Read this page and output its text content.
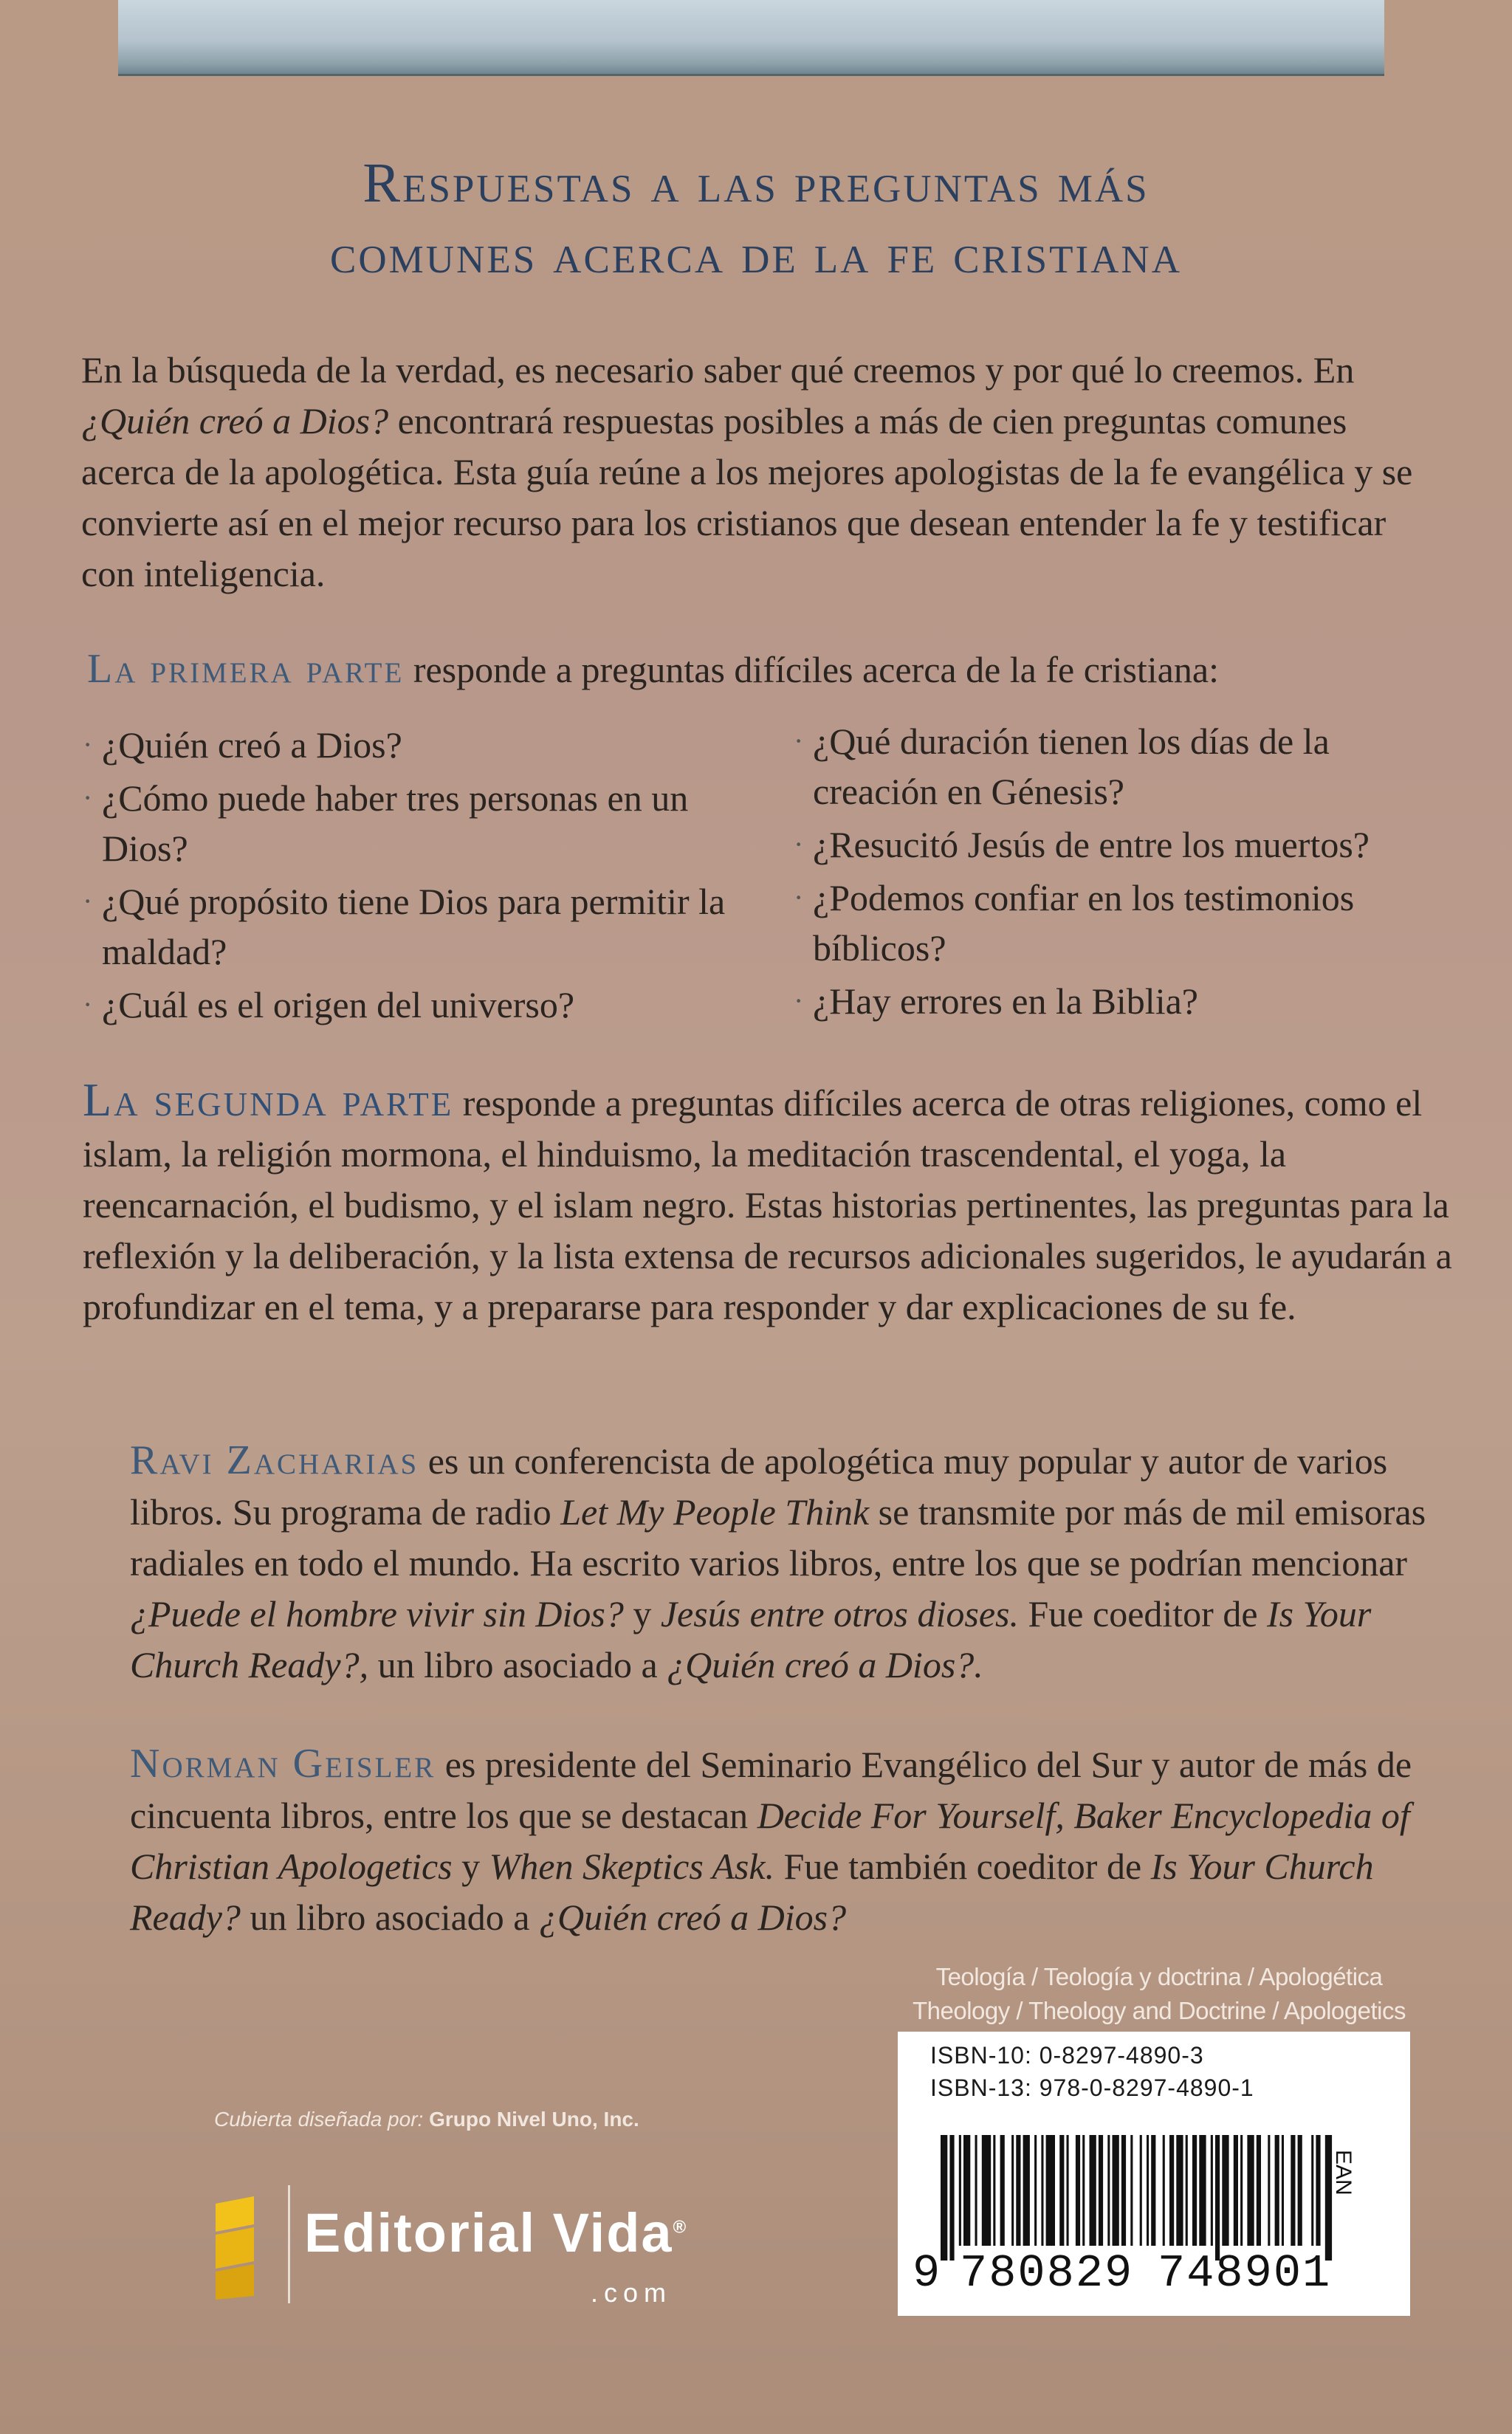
Respuestas a las preguntas más
comunes acerca de la fe cristiana

En la búsqueda de la verdad, es necesario saber qué creemos y por qué lo creemos. En ¿Quién creó a Dios? encontrará respuestas posibles a más de cien preguntas comunes acerca de la apologética. Esta guía reúne a los mejores apologistas de la fe evangélica y se convierte así en el mejor recurso para los cristianos que desean entender la fe y testificar con inteligencia.

La primera parte responde a preguntas difíciles acerca de la fe cristiana:

· ¿Quién creó a Dios?
· ¿Cómo puede haber tres personas en un Dios?
· ¿Qué propósito tiene Dios para permitir la maldad?
· ¿Cuál es el origen del universo?
· ¿Qué duración tienen los días de la creación en Génesis?
· ¿Resucitó Jesús de entre los muertos?
· ¿Podemos confiar en los testimonios bíblicos?
· ¿Hay errores en la Biblia?

La segunda parte responde a preguntas difíciles acerca de otras religiones, como el islam, la religión mormona, el hinduismo, la meditación trascendental, el yoga, la reencarnación, el budismo, y el islam negro. Estas historias pertinentes, las preguntas para la reflexión y la deliberación, y la lista extensa de recursos adicionales sugeridos, le ayudarán a profundizar en el tema, y a prepararse para responder y dar explicaciones de su fe.

Ravi Zacharias es un conferencista de apologética muy popular y autor de varios libros. Su programa de radio Let My People Think se transmite por más de mil emisoras radiales en todo el mundo. Ha escrito varios libros, entre los que se podrían mencionar ¿Puede el hombre vivir sin Dios? y Jesús entre otros dioses. Fue coeditor de Is Your Church Ready?, un libro asociado a ¿Quién creó a Dios?.

Norman Geisler es presidente del Seminario Evangélico del Sur y autor de más de cincuenta libros, entre los que se destacan Decide For Yourself, Baker Encyclopedia of Christian Apologetics y When Skeptics Ask. Fue también coeditor de Is Your Church Ready? un libro asociado a ¿Quién creó a Dios?

Teología / Teología y doctrina / Apologética
Theology / Theology and Doctrine / Apologetics
ISBN-10: 0-8297-4890-3
ISBN-13: 978-0-8297-4890-1
EAN
9 780829 748901
Cubierta diseñada por: Grupo Nivel Uno, Inc.
Editorial Vida®
.com
